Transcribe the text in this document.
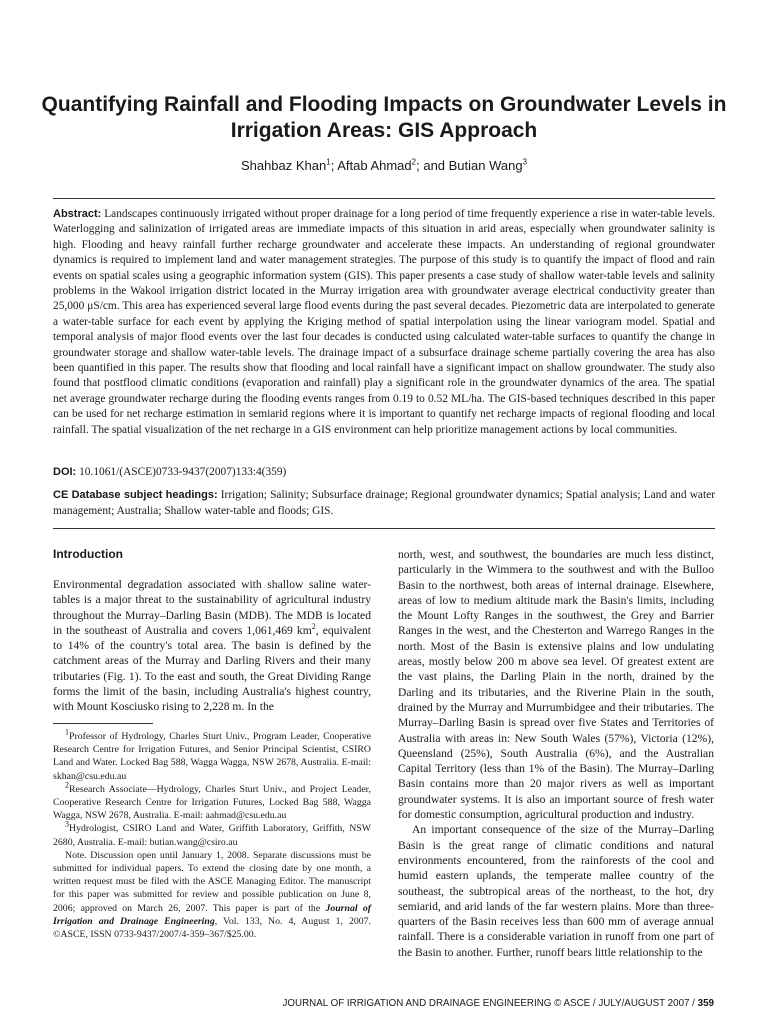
Quantifying Rainfall and Flooding Impacts on Groundwater Levels in Irrigation Areas: GIS Approach
Shahbaz Khan$^1$; Aftab Ahmad$^2$; and Butian Wang$^3$

Abstract: Landscapes continuously irrigated without proper drainage for a long period of time frequently experience a rise in water-table levels. Waterlogging and salinization of irrigated areas are immediate impacts of this situation in arid areas, especially when groundwater salinity is high. Flooding and heavy rainfall further recharge groundwater and accelerate these impacts. An understanding of regional groundwater dynamics is required to implement land and water management strategies. The purpose of this study is to quantify the impact of flood and rain events on spatial scales using a geographic information system (GIS). This paper presents a case study of shallow water-table levels and salinity problems in the Wakool irrigation district located in the Murray irrigation area with groundwater average electrical conductivity greater than 25,000 μS/cm. This area has experienced several large flood events during the past several decades. Piezometric data are interpolated to generate a water-table surface for each event by applying the Kriging method of spatial interpolation using the linear variogram model. Spatial and temporal analysis of major flood events over the last four decades is conducted using calculated water-table surfaces to quantify the change in groundwater storage and shallow water-table levels. The drainage impact of a subsurface drainage scheme partially covering the area has also been quantified in this paper. The results show that flooding and local rainfall have a significant impact on shallow groundwater. The study also found that postflood climatic conditions (evaporation and rainfall) play a significant role in the groundwater dynamics of the area. The spatial net average groundwater recharge during the flooding events ranges from 0.19 to 0.52 ML/ha. The GIS-based techniques described in this paper can be used for net recharge estimation in semiarid regions where it is important to quantify net recharge impacts of regional flooding and local rainfall. The spatial visualization of the net recharge in a GIS environment can help prioritize management actions by local communities.

DOI: 10.1061/(ASCE)0733-9437(2007)133:4(359)

CE Database subject headings: Irrigation; Salinity; Subsurface drainage; Regional groundwater dynamics; Spatial analysis; Land and water management; Australia; Shallow water-table and floods; GIS.

Introduction

Environmental degradation associated with shallow saline water-tables is a major threat to the sustainability of agricultural industry throughout the Murray–Darling Basin (MDB). The MDB is located in the southeast of Australia and covers 1,061,469 $km^2$, equivalent to 14% of the country's total area. The basin is defined by the catchment areas of the Murray and Darling Rivers and their many tributaries (Fig. 1). To the east and south, the Great Dividing Range forms the limit of the basin, including Australia's highest country, with Mount Kosciusko rising to 2,228 m. In the

$^1$Professor of Hydrology, Charles Sturt Univ., Program Leader, Cooperative Research Centre for Irrigation Futures, and Senior Principal Scientist, CSIRO Land and Water. Locked Bag 588, Wagga Wagga, NSW 2678, Australia. E-mail: skhan@csu.edu.au

$^2$Research Associate—Hydrology, Charles Sturt Univ., and Project Leader, Cooperative Research Centre for Irrigation Futures, Locked Bag 588, Wagga Wagga, NSW 2678, Australia. E-mail: aahmad@csu.edu.au

$^3$Hydrologist, CSIRO Land and Water, Griffith Laboratory, Griffith, NSW 2680, Australia. E-mail: butian.wang@csiro.au

Note. Discussion open until January 1, 2008. Separate discussions must be submitted for individual papers. To extend the closing date by one month, a written request must be filed with the ASCE Managing Editor. The manuscript for this paper was submitted for review and possible publication on June 8, 2006; approved on March 26, 2007. This paper is part of the Journal of Irrigation and Drainage Engineering, Vol. 133, No. 4, August 1, 2007. ©ASCE, ISSN 0733-9437/2007/4-359–367/$25.00.

north, west, and southwest, the boundaries are much less distinct, particularly in the Wimmera to the southwest and with the Bulloo Basin to the northwest, both areas of internal drainage. Elsewhere, areas of low to medium altitude mark the Basin's limits, including the Mount Lofty Ranges in the southwest, the Grey and Barrier Ranges in the west, and the Chesterton and Warrego Ranges in the north. Most of the Basin is extensive plains and low undulating areas, mostly below 200 m above sea level. Of greatest extent are the vast plains, the Darling Plain in the north, drained by the Darling and its tributaries, and the Riverine Plain in the south, drained by the Murray and Murrumbidgee and their tributaries. The Murray–Darling Basin is spread over five States and Territories of Australia with areas in: New South Wales (57%), Victoria (12%), Queensland (25%), South Australia (6%), and the Australian Capital Territory (less than 1% of the Basin). The Murray–Darling Basin contains more than 20 major rivers as well as important groundwater systems. It is also an important source of fresh water for domestic consumption, agricultural production and industry.

An important consequence of the size of the Murray–Darling Basin is the great range of climatic conditions and natural environments encountered, from the rainforests of the cool and humid eastern uplands, the temperate mallee country of the southeast, the subtropical areas of the northeast, to the hot, dry semiarid, and arid lands of the far western plains. More than three-quarters of the Basin receives less than 600 mm of average annual rainfall. There is a considerable variation in runoff from one part of the Basin to another. Further, runoff bears little relationship to the

JOURNAL OF IRRIGATION AND DRAINAGE ENGINEERING © ASCE / JULY/AUGUST 2007 / 359
